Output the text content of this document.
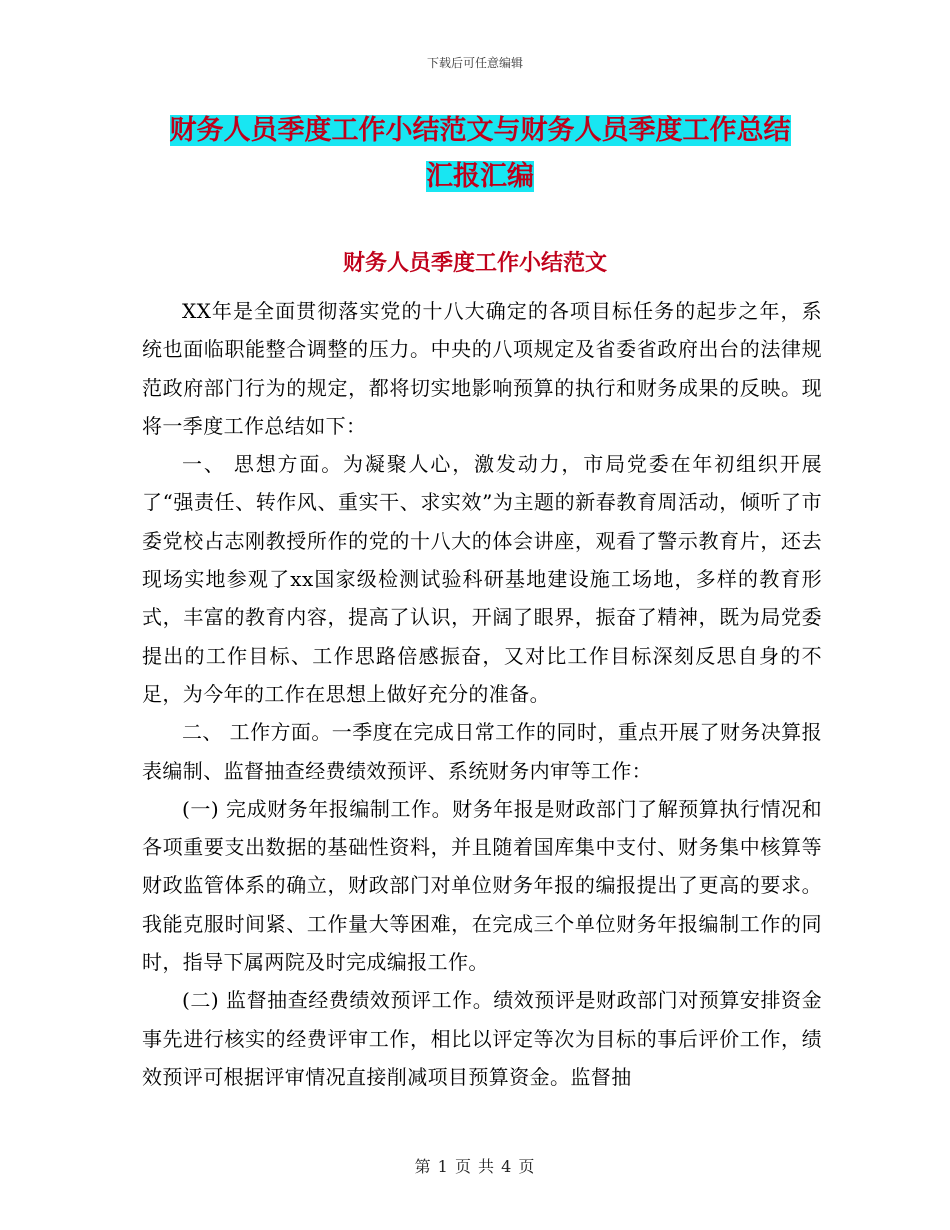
下载后可任意编辑
财务人员季度工作小结范文与财务人员季度工作总结
汇报汇编
财务人员季度工作小结范文

XX年是全面贯彻落实党的十八大确定的各项目标任务的起步之年，系统也面临职能整合调整的压力。中央的八项规定及省委省政府出台的法律规范政府部门行为的规定，都将切实地影响预算的执行和财务成果的反映。现将一季度工作总结如下：

一、 思想方面。为凝聚人心，激发动力，市局党委在年初组织开展了“强责任、转作风、重实干、求实效”为主题的新春教育周活动，倾听了市委党校占志刚教授所作的党的十八大的体会讲座，观看了警示教育片，还去现场实地参观了xx国家级检测试验科研基地建设施工场地，多样的教育形式，丰富的教育内容，提高了认识，开阔了眼界，振奋了精神，既为局党委提出的工作目标、工作思路倍感振奋，又对比工作目标深刻反思自身的不足，为今年的工作在思想上做好充分的准备。

二、 工作方面。一季度在完成日常工作的同时，重点开展了财务决算报表编制、监督抽查经费绩效预评、系统财务内审等工作：

(一) 完成财务年报编制工作。财务年报是财政部门了解预算执行情况和各项重要支出数据的基础性资料，并且随着国库集中支付、财务集中核算等财政监管体系的确立，财政部门对单位财务年报的编报提出了更高的要求。我能克服时间紧、工作量大等困难，在完成三个单位财务年报编制工作的同时，指导下属两院及时完成编报工作。

(二) 监督抽查经费绩效预评工作。绩效预评是财政部门对预算安排资金事先进行核实的经费评审工作，相比以评定等次为目标的事后评价工作，绩效预评可根据评审情况直接削减项目预算资金。监督抽

第 1 页 共 4 页
